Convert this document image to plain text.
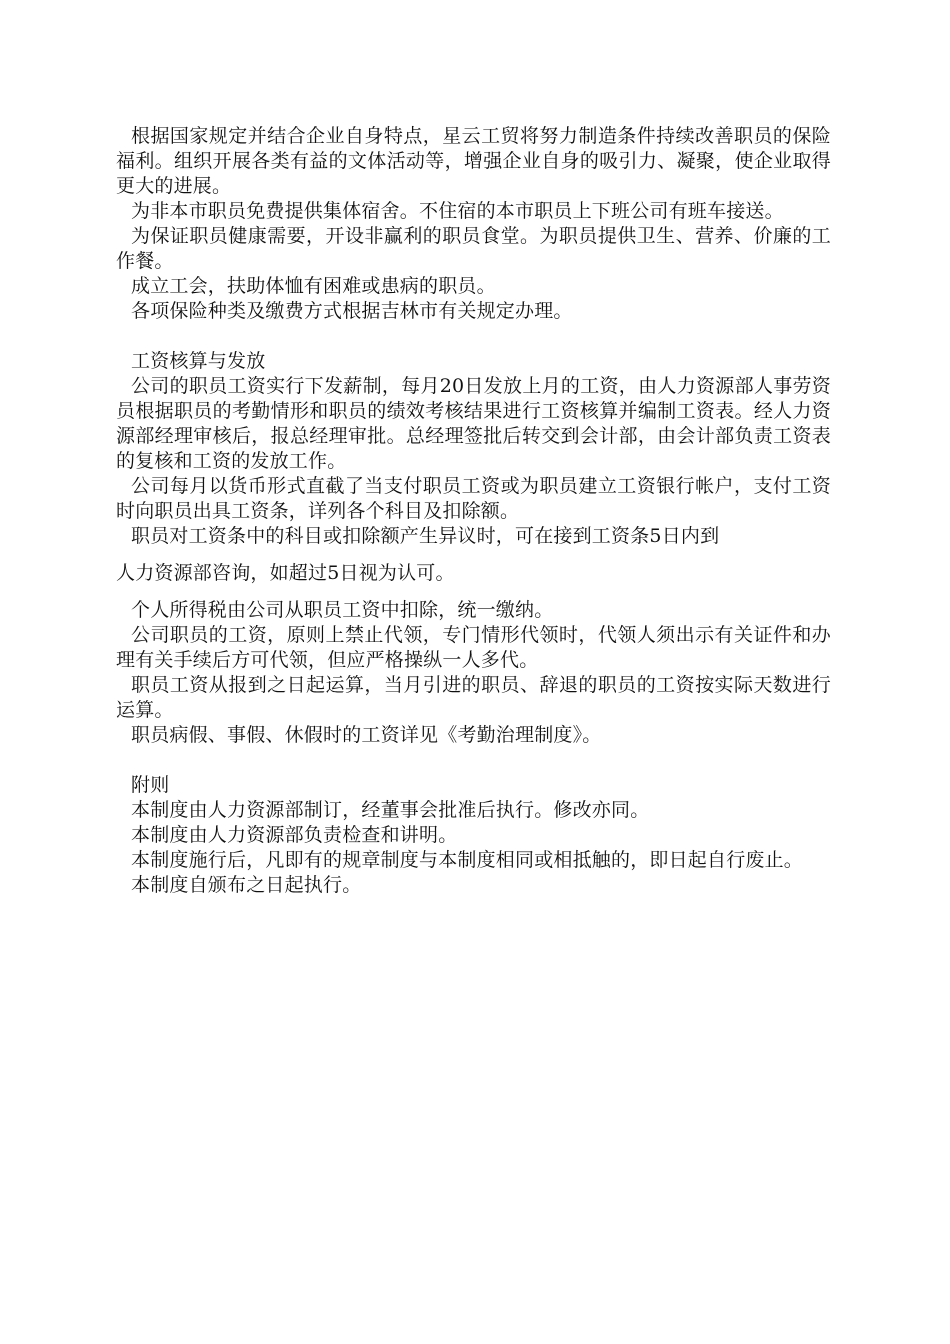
根据国家规定并结合企业自身特点，星云工贸将努力制造条件持续改善职员的保险福利。组织开展各类有益的文体活动等，增强企业自身的吸引力、凝聚，使企业取得更大的进展。

为非本市职员免费提供集体宿舍。不住宿的本市职员上下班公司有班车接送。

为保证职员健康需要，开设非赢利的职员食堂。为职员提供卫生、营养、价廉的工作餐。

成立工会，扶助体恤有困难或患病的职员。

各项保险种类及缴费方式根据吉林市有关规定办理。

工资核算与发放

公司的职员工资实行下发薪制，每月20日发放上月的工资，由人力资源部人事劳资员根据职员的考勤情形和职员的绩效考核结果进行工资核算并编制工资表。经人力资源部经理审核后，报总经理审批。总经理签批后转交到会计部，由会计部负责工资表的复核和工资的发放工作。

公司每月以货币形式直截了当支付职员工资或为职员建立工资银行帐户，支付工资时向职员出具工资条，详列各个科目及扣除额。

职员对工资条中的科目或扣除额产生异议时，可在接到工资条5日内到

人力资源部咨询，如超过5日视为认可。

个人所得税由公司从职员工资中扣除，统一缴纳。

公司职员的工资，原则上禁止代领，专门情形代领时，代领人须出示有关证件和办理有关手续后方可代领，但应严格操纵一人多代。

职员工资从报到之日起运算，当月引进的职员、辞退的职员的工资按实际天数进行运算。

职员病假、事假、休假时的工资详见《考勤治理制度》。

附则

本制度由人力资源部制订，经董事会批准后执行。修改亦同。

本制度由人力资源部负责检查和讲明。

本制度施行后，凡即有的规章制度与本制度相同或相抵触的，即日起自行废止。

本制度自颁布之日起执行。
